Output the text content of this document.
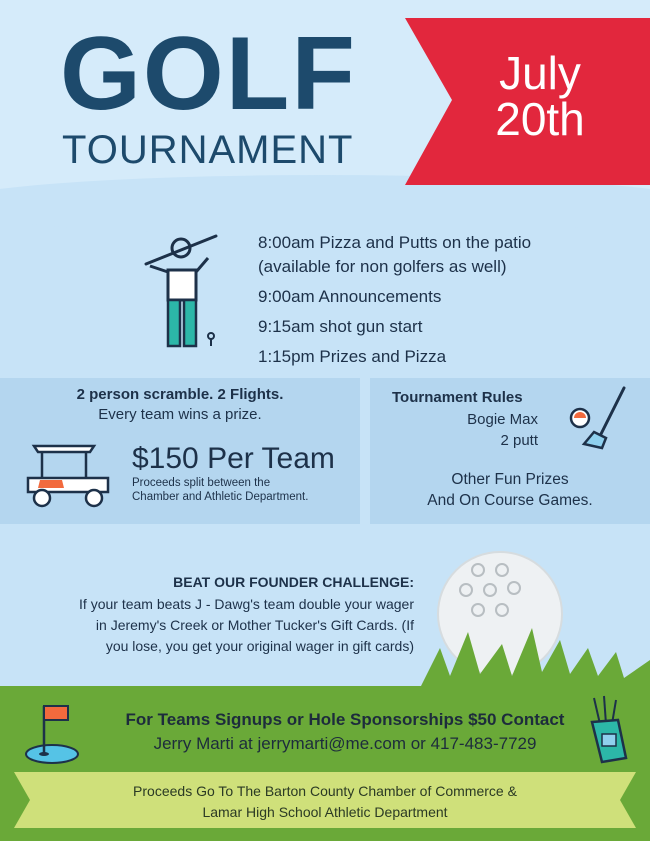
GOLF
TOURNAMENT
July
20th
8:00am Pizza and Putts on the patio
(available for non golfers as well)
9:00am Announcements
9:15am shot gun start
1:15pm Prizes and Pizza
2 person scramble. 2 Flights.
Every team wins a prize.
$150 Per Team
Proceeds split between the
Chamber and Athletic Department.
Tournament Rules
Bogie Max
2 putt
Other Fun Prizes
And On Course Games.
BEAT OUR FOUNDER CHALLENGE:
If your team beats J - Dawg's team double your wager
in Jeremy's Creek or Mother Tucker's Gift Cards. (If
you lose, you get your original wager in gift cards)
For Teams Signups or Hole Sponsorships $50 Contact
Jerry Marti at jerrymarti@me.com or 417-483-7729
Proceeds Go To The Barton County Chamber of Commerce &
Lamar High School Athletic Department
